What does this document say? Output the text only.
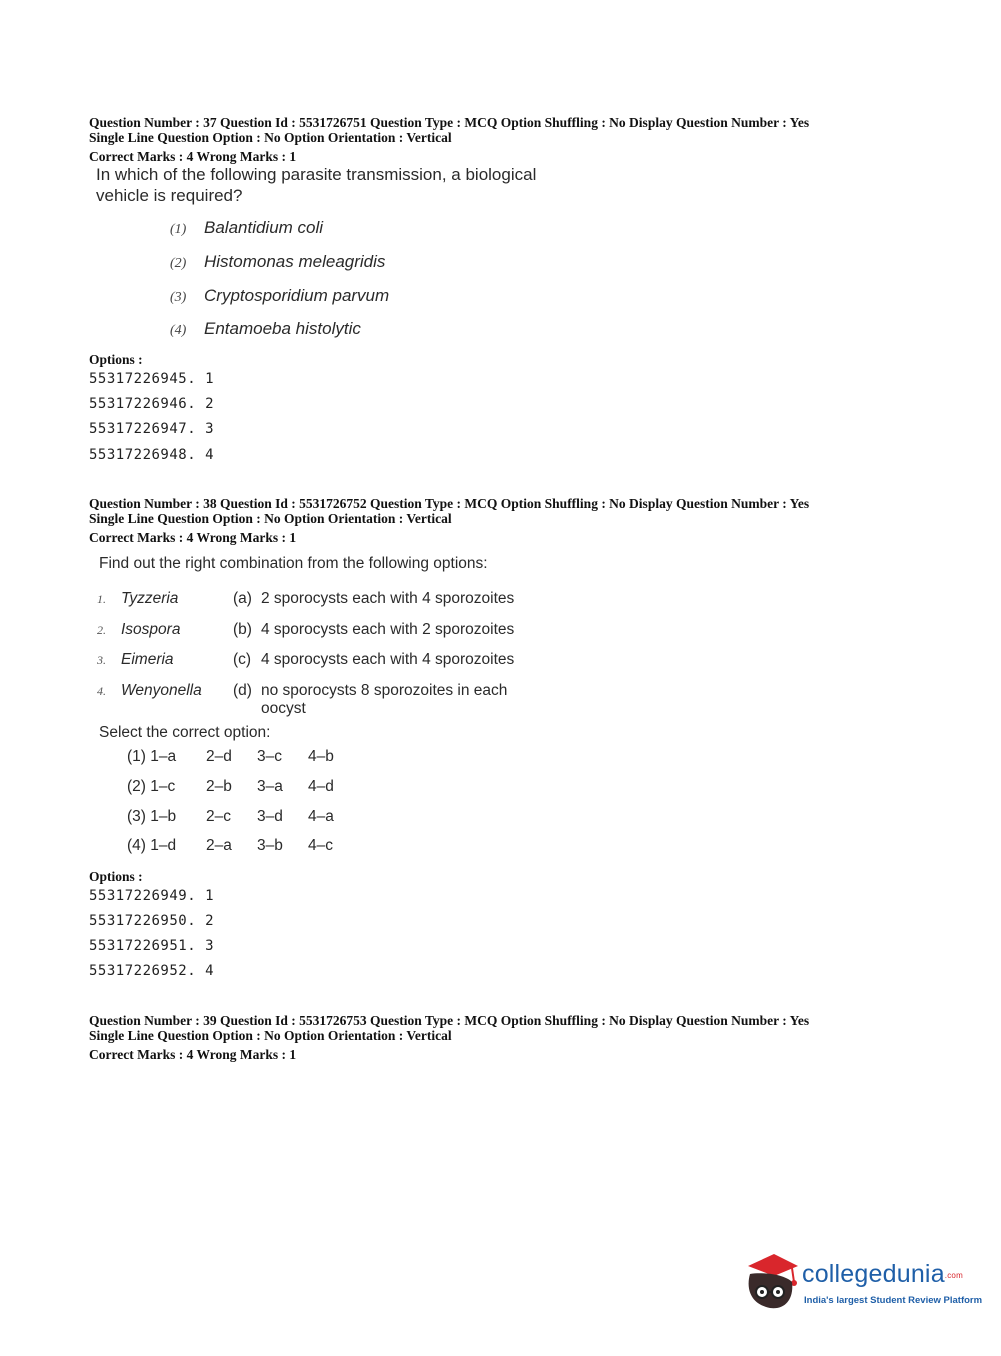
Question Number : 37 Question Id : 5531726751 Question Type : MCQ Option Shuffling : No Display Question Number : Yes
Single Line Question Option : No Option Orientation : Vertical
Correct Marks : 4 Wrong Marks : 1
In which of the following parasite transmission, a biological
vehicle is required?
(1) Balantidium coli
(2) Histomonas meleagridis
(3) Cryptosporidium parvum
(4) Entamoeba histolytic
Options :
55317226945. 1
55317226946. 2
55317226947. 3
55317226948. 4
Question Number : 38 Question Id : 5531726752 Question Type : MCQ Option Shuffling : No Display Question Number : Yes
Single Line Question Option : No Option Orientation : Vertical
Correct Marks : 4 Wrong Marks : 1
Find out the right combination from the following options:
1. Tyzzeria	(a) 2 sporocysts each with 4 sporozoites
2. Isospora	(b) 4 sporocysts each with 2 sporozoites
3. Eimeria	(c) 4 sporocysts each with 4 sporozoites
4. Wenyonella (d) no sporocysts 8 sporozoites in each oocyst
Select the correct option:
(1) 1–a 2–d 3–c 4–b
(2) 1–c 2–b 3–a 4–d
(3) 1–b 2–c 3–d 4–a
(4) 1–d 2–a 3–b 4–c
Options :
55317226949. 1
55317226950. 2
55317226951. 3
55317226952. 4
Question Number : 39 Question Id : 5531726753 Question Type : MCQ Option Shuffling : No Display Question Number : Yes
Single Line Question Option : No Option Orientation : Vertical
Correct Marks : 4 Wrong Marks : 1
collegedunia.com
India's largest Student Review Platform
